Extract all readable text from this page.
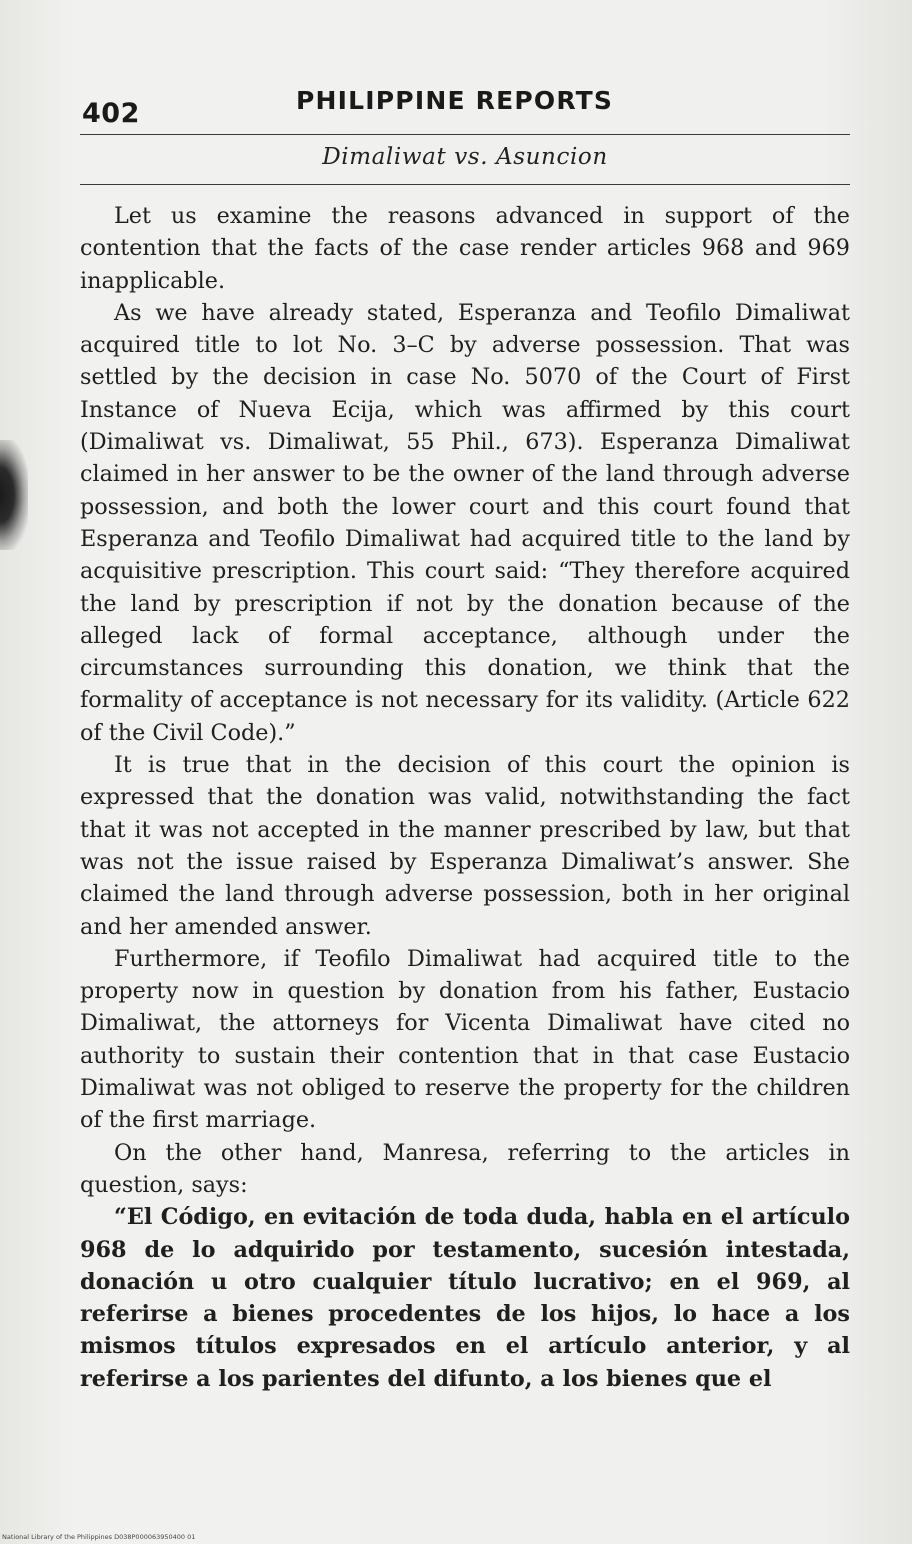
402	PHILIPPINE REPORTS
Dimaliwat vs. Asuncion

Let us examine the reasons advanced in support of the contention that the facts of the case render articles 968 and 969 inapplicable.

As we have already stated, Esperanza and Teofilo Dimaliwat acquired title to lot No. 3–C by adverse possession. That was settled by the decision in case No. 5070 of the Court of First Instance of Nueva Ecija, which was affirmed by this court (Dimaliwat vs. Dimaliwat, 55 Phil., 673). Esperanza Dimaliwat claimed in her answer to be the owner of the land through adverse possession, and both the lower court and this court found that Esperanza and Teofilo Dimaliwat had acquired title to the land by acquisitive prescription. This court said: “They therefore acquired the land by prescription if not by the donation because of the alleged lack of formal acceptance, although under the circumstances surrounding this donation, we think that the formality of acceptance is not necessary for its validity. (Article 622 of the Civil Code).”

It is true that in the decision of this court the opinion is expressed that the donation was valid, notwithstanding the fact that it was not accepted in the manner prescribed by law, but that was not the issue raised by Esperanza Dimaliwat’s answer. She claimed the land through adverse possession, both in her original and her amended answer.

Furthermore, if Teofilo Dimaliwat had acquired title to the property now in question by donation from his father, Eustacio Dimaliwat, the attorneys for Vicenta Dimaliwat have cited no authority to sustain their contention that in that case Eustacio Dimaliwat was not obliged to reserve the property for the children of the first marriage.

On the other hand, Manresa, referring to the articles in question, says:

“El Código, en evitación de toda duda, habla en el artículo 968 de lo adquirido por testamento, sucesión intestada, donación u otro cualquier título lucrativo; en el 969, al referirse a bienes procedentes de los hijos, lo hace a los mismos títulos expresados en el artículo anterior, y al referirse a los parientes del difunto, a los bienes que el

National Library of the Philippines D038P000063950400 01
